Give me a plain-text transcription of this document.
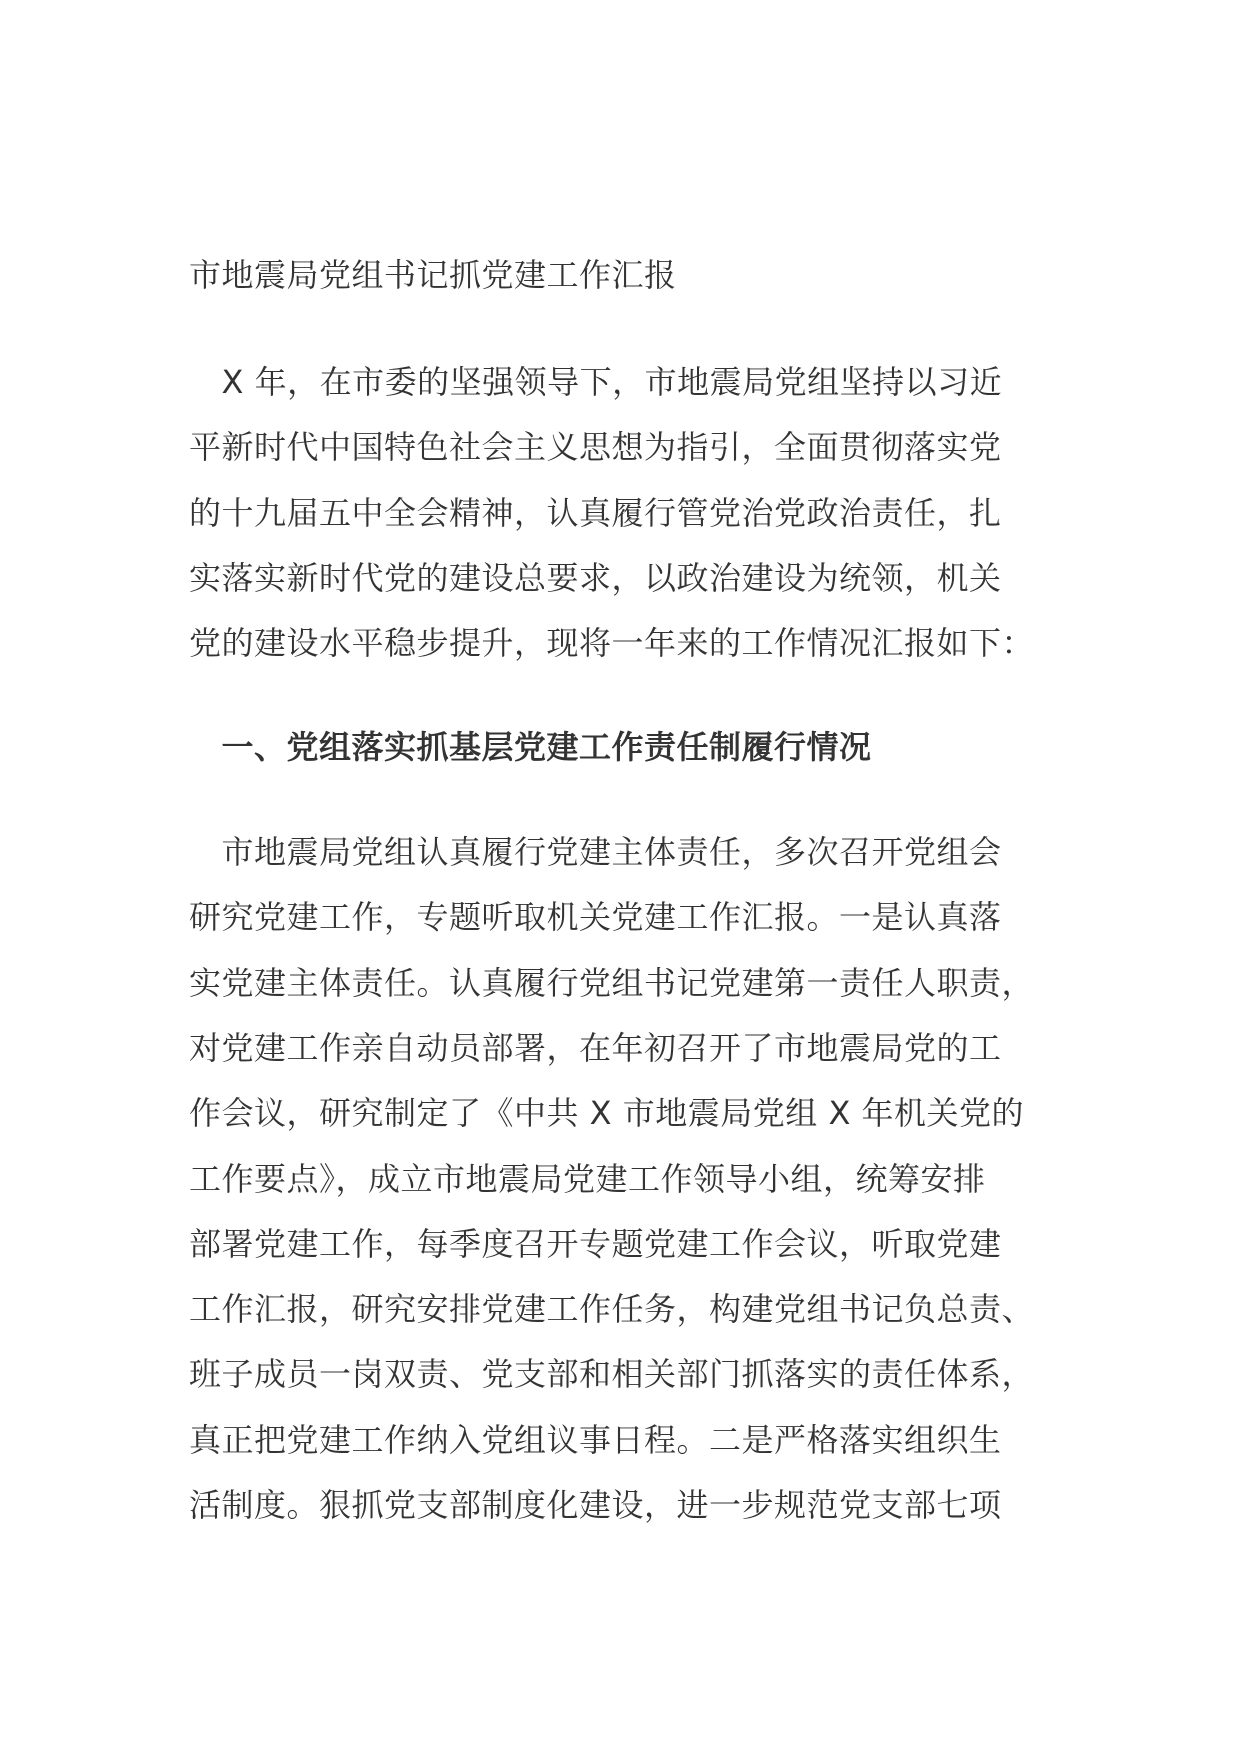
市地震局党组书记抓党建工作汇报
　X 年，在市委的坚强领导下，市地震局党组坚持以习近
平新时代中国特色社会主义思想为指引，全面贯彻落实党
的十九届五中全会精神，认真履行管党治党政治责任，扎
实落实新时代党的建设总要求，以政治建设为统领，机关
党的建设水平稳步提升，现将一年来的工作情况汇报如下：
　一、党组落实抓基层党建工作责任制履行情况
　市地震局党组认真履行党建主体责任，多次召开党组会
研究党建工作，专题听取机关党建工作汇报。一是认真落
实党建主体责任。认真履行党组书记党建第一责任人职责，
对党建工作亲自动员部署，在年初召开了市地震局党的工
作会议，研究制定了《中共 X 市地震局党组 X 年机关党的
工作要点》，成立市地震局党建工作领导小组，统筹安排
部署党建工作，每季度召开专题党建工作会议，听取党建
工作汇报，研究安排党建工作任务，构建党组书记负总责、
班子成员一岗双责、党支部和相关部门抓落实的责任体系，
真正把党建工作纳入党组议事日程。二是严格落实组织生
活制度。狠抓党支部制度化建设，进一步规范党支部七项
